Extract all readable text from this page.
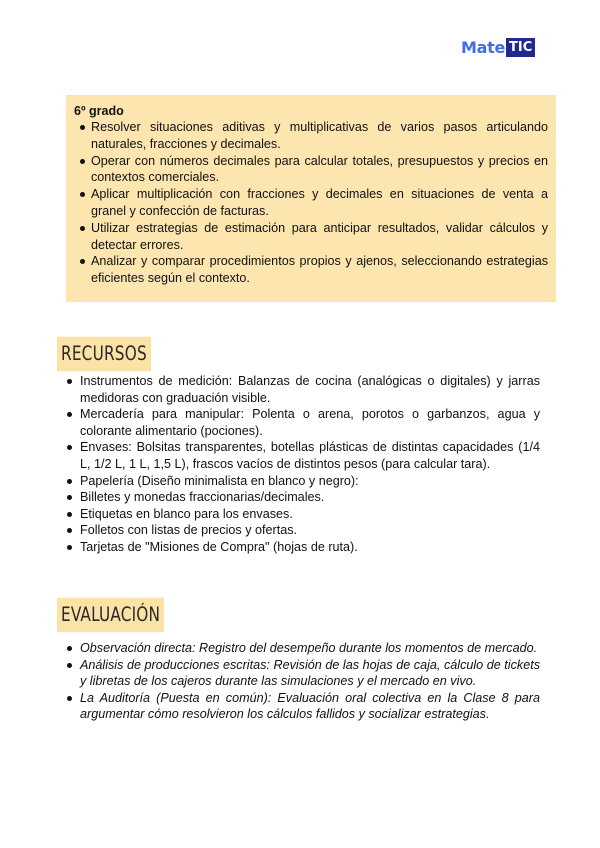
Mate TIC
6º grado
Resolver situaciones aditivas y multiplicativas de varios pasos articulando naturales, fracciones y decimales.
Operar con números decimales para calcular totales, presupuestos y precios en contextos comerciales.
Aplicar multiplicación con fracciones y decimales en situaciones de venta a granel y confección de facturas.
Utilizar estrategias de estimación para anticipar resultados, validar cálculos y detectar errores.
Analizar y comparar procedimientos propios y ajenos, seleccionando estrategias eficientes según el contexto.
RECURSOS
Instrumentos de medición: Balanzas de cocina (analógicas o digitales) y jarras medidoras con graduación visible.
Mercadería para manipular: Polenta o arena, porotos o garbanzos, agua y colorante alimentario (pociones).
Envases: Bolsitas transparentes, botellas plásticas de distintas capacidades (1/4 L, 1/2 L, 1 L, 1,5 L), frascos vacíos de distintos pesos (para calcular tara).
Papelería (Diseño minimalista en blanco y negro):
Billetes y monedas fraccionarias/decimales.
Etiquetas en blanco para los envases.
Folletos con listas de precios y ofertas.
Tarjetas de "Misiones de Compra" (hojas de ruta).
EVALUACIÓN
Observación directa: Registro del desempeño durante los momentos de mercado.
Análisis de producciones escritas: Revisión de las hojas de caja, cálculo de tickets y libretas de los cajeros durante las simulaciones y el mercado en vivo.
La Auditoría (Puesta en común): Evaluación oral colectiva en la Clase 8 para argumentar cómo resolvieron los cálculos fallidos y socializar estrategias.
